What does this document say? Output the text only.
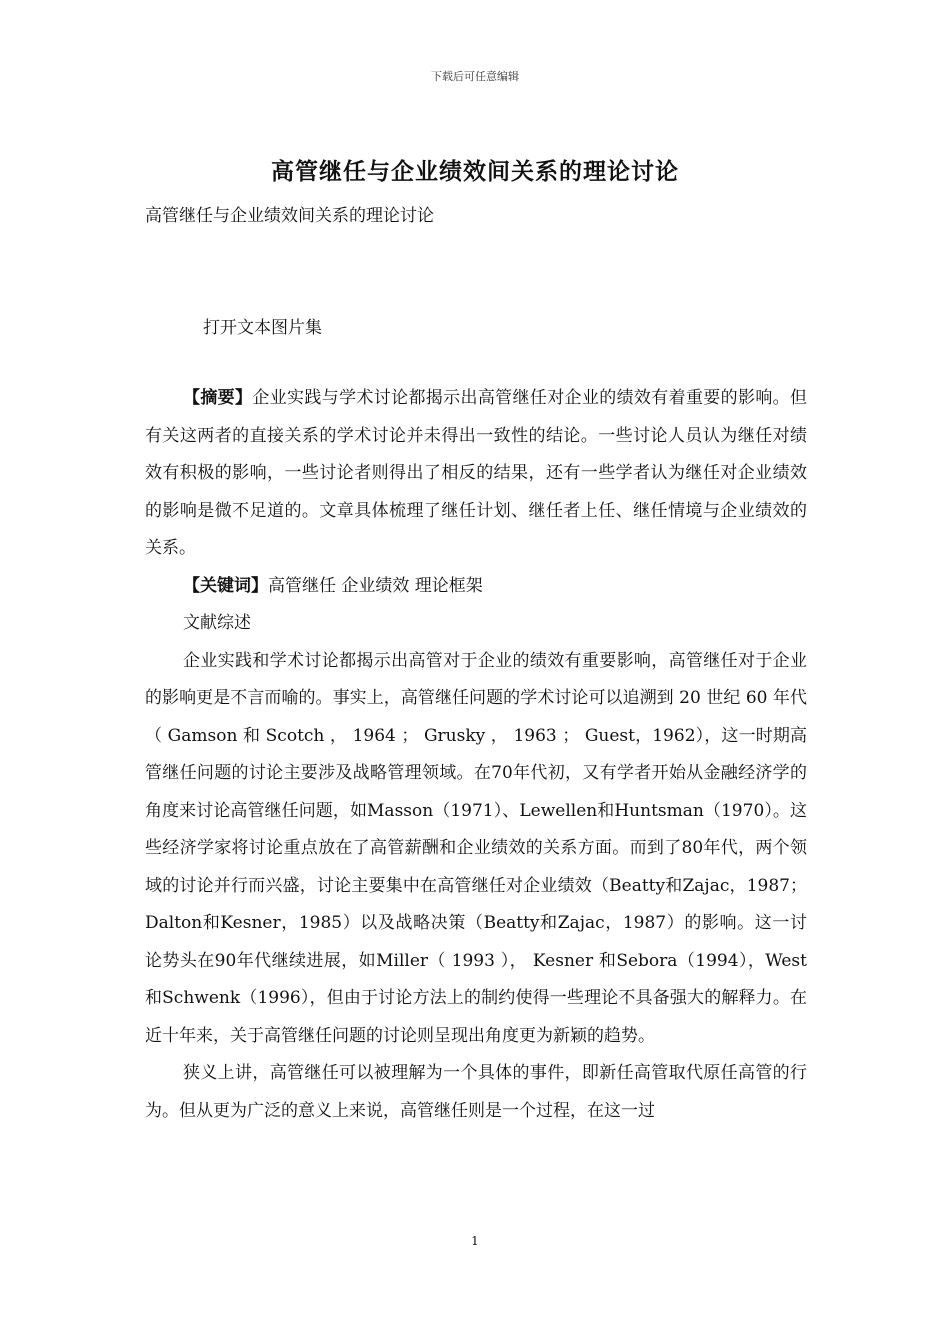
下载后可任意编辑
高管继任与企业绩效间关系的理论讨论
高管继任与企业绩效间关系的理论讨论
打开文本图片集

【摘要】企业实践与学术讨论都揭示出高管继任对企业的绩效有着重要的影响。但有关这两者的直接关系的学术讨论并未得出一致性的结论。一些讨论人员认为继任对绩效有积极的影响，一些讨论者则得出了相反的结果，还有一些学者认为继任对企业绩效的影响是微不足道的。文章具体梳理了继任计划、继任者上任、继任情境与企业绩效的关系。

【关键词】高管继任 企业绩效 理论框架

文献综述

企业实践和学术讨论都揭示出高管对于企业的绩效有重要影响，高管继任对于企业的影响更是不言而喻的。事实上，高管继任问题的学术讨论可以追溯到 20 世纪 60 年代（ Gamson 和 Scotch ， 1964 ； Grusky ， 1963 ； Guest，1962），这一时期高管继任问题的讨论主要涉及战略管理领域。在70年代初，又有学者开始从金融经济学的角度来讨论高管继任问题，如Masson（1971）、Lewellen和Huntsman（1970）。这些经济学家将讨论重点放在了高管薪酬和企业绩效的关系方面。而到了80年代，两个领域的讨论并行而兴盛，讨论主要集中在高管继任对企业绩效（Beatty和Zajac，1987；Dalton和Kesner，1985）以及战略决策（Beatty和Zajac，1987）的影响。这一讨论势头在90年代继续进展，如Miller（ 1993 ）， Kesner 和Sebora（1994），West和Schwenk（1996），但由于讨论方法上的制约使得一些理论不具备强大的解释力。在近十年来，关于高管继任问题的讨论则呈现出角度更为新颖的趋势。

狭义上讲，高管继任可以被理解为一个具体的事件，即新任高管取代原任高管的行为。但从更为广泛的意义上来说，高管继任则是一个过程，在这一过

1
